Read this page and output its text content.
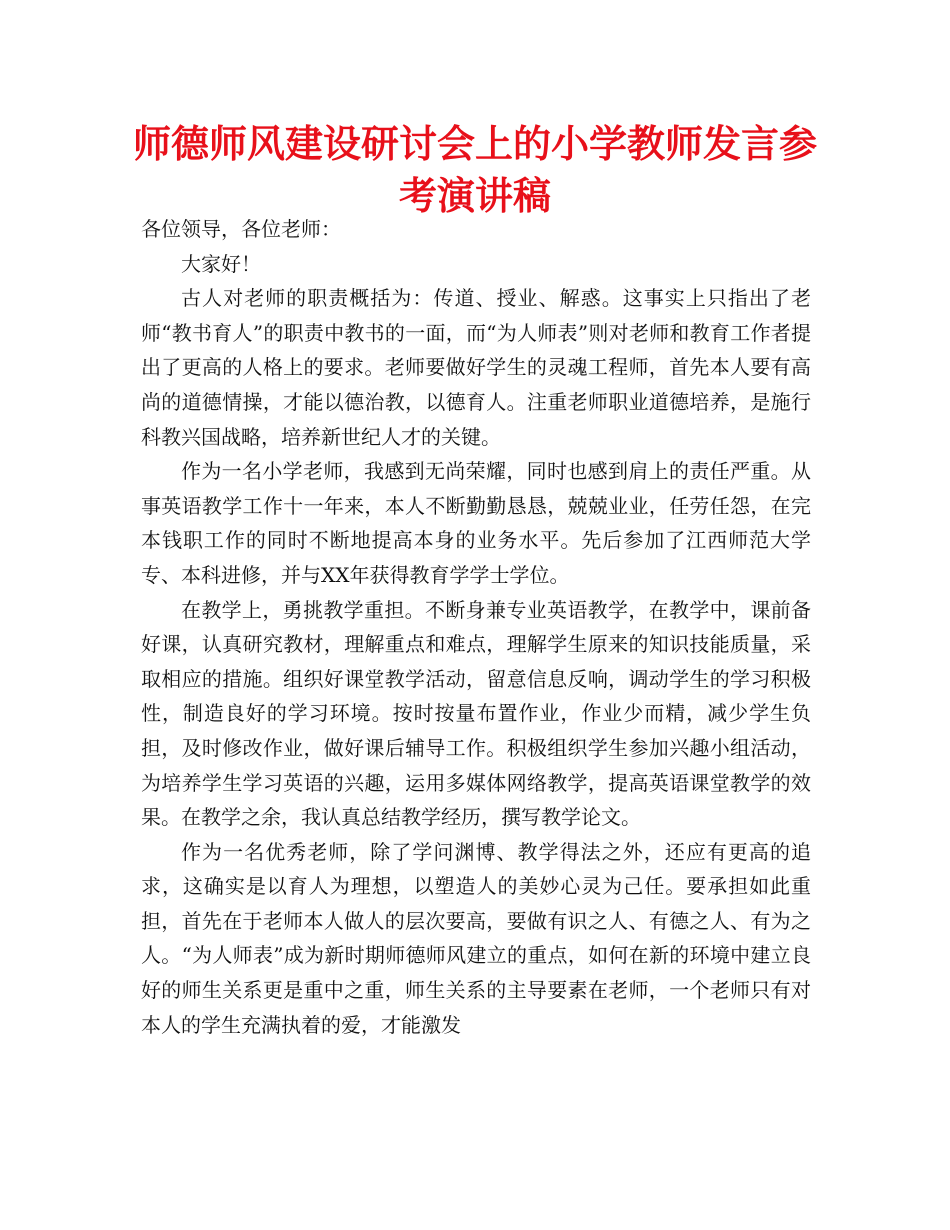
师德师风建设研讨会上的小学教师发言参考演讲稿

各位领导，各位老师：

大家好！

古人对老师的职责概括为：传道、授业、解惑。这事实上只指出了老师“教书育人”的职责中教书的一面，而“为人师表”则对老师和教育工作者提出了更高的人格上的要求。老师要做好学生的灵魂工程师，首先本人要有高尚的道德情操，才能以德治教，以德育人。注重老师职业道德培养，是施行科教兴国战略，培养新世纪人才的关键。

作为一名小学老师，我感到无尚荣耀，同时也感到肩上的责任严重。从事英语教学工作十一年来，本人不断勤勤恳恳，兢兢业业，任劳任怨，在完本钱职工作的同时不断地提高本身的业务水平。先后参加了江西师范大学专、本科进修，并与XX年获得教育学学士学位。

在教学上，勇挑教学重担。不断身兼专业英语教学，在教学中，课前备好课，认真研究教材，理解重点和难点，理解学生原来的知识技能质量，采取相应的措施。组织好课堂教学活动，留意信息反响，调动学生的学习积极性，制造良好的学习环境。按时按量布置作业，作业少而精，减少学生负担，及时修改作业，做好课后辅导工作。积极组织学生参加兴趣小组活动，为培养学生学习英语的兴趣，运用多媒体网络教学，提高英语课堂教学的效果。在教学之余，我认真总结教学经历，撰写教学论文。

作为一名优秀老师，除了学问渊博、教学得法之外，还应有更高的追求，这确实是以育人为理想，以塑造人的美妙心灵为己任。要承担如此重担，首先在于老师本人做人的层次要高，要做有识之人、有德之人、有为之人。“为人师表”成为新时期师德师风建立的重点，如何在新的环境中建立良好的师生关系更是重中之重，师生关系的主导要素在老师，一个老师只有对本人的学生充满执着的爱，才能激发
